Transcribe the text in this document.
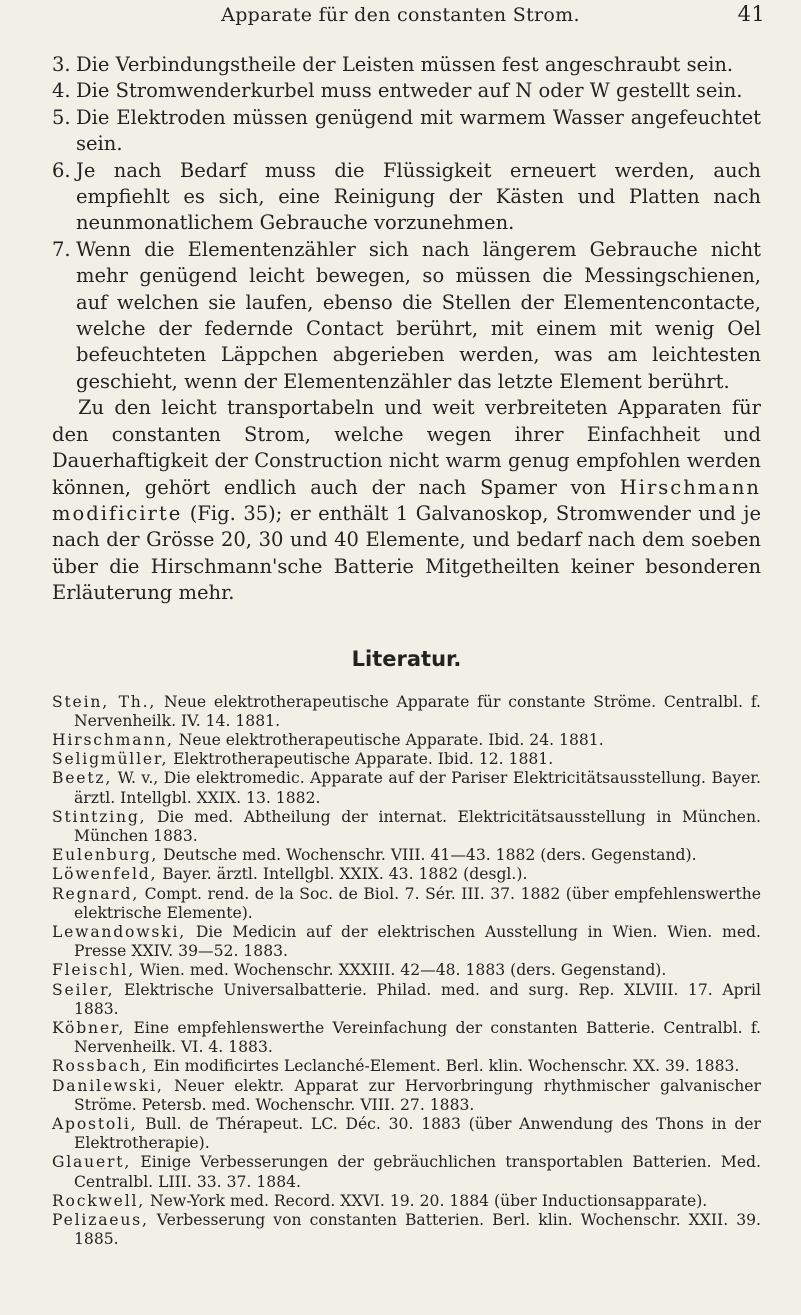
Apparate für den constanten Strom.	41
3. Die Verbindungstheile der Leisten müssen fest angeschraubt sein.
4. Die Stromwenderkurbel muss entweder auf N oder W gestellt sein.
5. Die Elektroden müssen genügend mit warmem Wasser angefeuchtet sein.
6. Je nach Bedarf muss die Flüssigkeit erneuert werden, auch empfiehlt es sich, eine Reinigung der Kästen und Platten nach neunmonatlichem Gebrauche vorzunehmen.
7. Wenn die Elementenzähler sich nach längerem Gebrauche nicht mehr genügend leicht bewegen, so müssen die Messingschienen, auf welchen sie laufen, ebenso die Stellen der Elementencontacte, welche der federnde Contact berührt, mit einem mit wenig Oel befeuchteten Läppchen abgerieben werden, was am leichtesten geschieht, wenn der Elementenzähler das letzte Element berührt.

Zu den leicht transportabeln und weit verbreiteten Apparaten für den constanten Strom, welche wegen ihrer Einfachheit und Dauerhaftigkeit der Construction nicht warm genug empfohlen werden können, gehört endlich auch der nach Spamer von Hirschmann modificirte (Fig. 35); er enthält 1 Galvanoskop, Stromwender und je nach der Grösse 20, 30 und 40 Elemente, und bedarf nach dem soeben über die Hirschmann'sche Batterie Mitgetheilten keiner besonderen Erläuterung mehr.

Literatur.
Stein, Th., Neue elektrotherapeutische Apparate für constante Ströme. Centralbl. f. Nervenheilk. IV. 14. 1881.
Hirschmann, Neue elektrotherapeutische Apparate. Ibid. 24. 1881.
Seligmüller, Elektrotherapeutische Apparate. Ibid. 12. 1881.
Beetz, W. v., Die elektromedic. Apparate auf der Pariser Elektricitätsausstellung. Bayer. ärztl. Intellgbl. XXIX. 13. 1882.
Stintzing, Die med. Abtheilung der internat. Elektricitätsausstellung in München. München 1883.
Eulenburg, Deutsche med. Wochenschr. VIII. 41—43. 1882 (ders. Gegenstand).
Löwenfeld, Bayer. ärztl. Intellgbl. XXIX. 43. 1882 (desgl.).
Regnard, Compt. rend. de la Soc. de Biol. 7. Sér. III. 37. 1882 (über empfehlenswerthe elektrische Elemente).
Lewandowski, Die Medicin auf der elektrischen Ausstellung in Wien. Wien. med. Presse XXIV. 39—52. 1883.
Fleischl, Wien. med. Wochenschr. XXXIII. 42—48. 1883 (ders. Gegenstand).
Seiler, Elektrische Universalbatterie. Philad. med. and surg. Rep. XLVIII. 17. April 1883.
Köbner, Eine empfehlenswerthe Vereinfachung der constanten Batterie. Centralbl. f. Nervenheilk. VI. 4. 1883.
Rossbach, Ein modificirtes Leclanché-Element. Berl. klin. Wochenschr. XX. 39. 1883.
Danilewski, Neuer elektr. Apparat zur Hervorbringung rhythmischer galvanischer Ströme. Petersb. med. Wochenschr. VIII. 27. 1883.
Apostoli, Bull. de Thérapeut. LC. Déc. 30. 1883 (über Anwendung des Thons in der Elektrotherapie).
Glauert, Einige Verbesserungen der gebräuchlichen transportablen Batterien. Med. Centralbl. LIII. 33. 37. 1884.
Rockwell, New-York med. Record. XXVI. 19. 20. 1884 (über Inductionsapparate).
Pelizaeus, Verbesserung von constanten Batterien. Berl. klin. Wochenschr. XXII. 39. 1885.
